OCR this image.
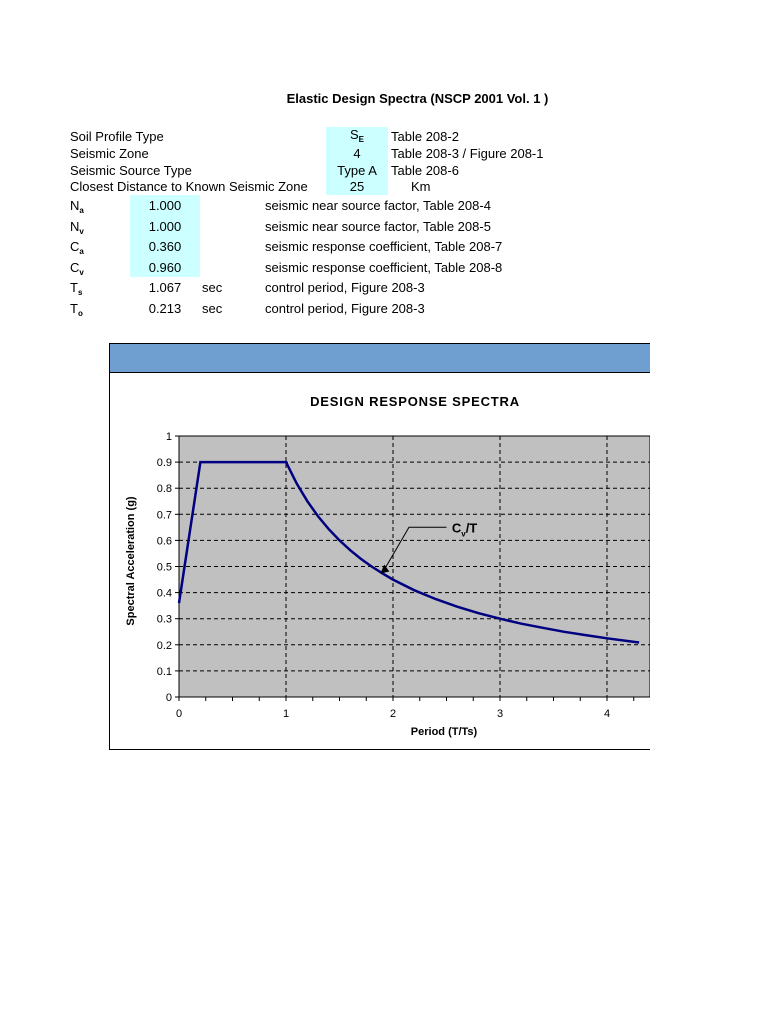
Elastic Design Spectra (NSCP 2001 Vol. 1 )
Soil Profile Type	$S_E$	Table 208-2
Seismic Zone	4	Table 208-3 / Figure 208-1
Seismic Source Type	Type A	Table 208-6
Closest Distance to Known Seismic Zone	25	Km
$N_a$	1.000	seismic near source factor, Table 208-4
$N_v$	1.000	seismic near source factor, Table 208-5
$C_a$	0.360	seismic response coefficient, Table 208-7
$C_v$	0.960	seismic response coefficient, Table 208-8
$T_s$	1.067	sec	control period, Figure 208-3
$T_o$	0.213	sec	control period, Figure 208-3
DESIGN RESPONSE SPECTRA
Spectral Acceleration (g)
Period (T/Ts)
0
0.1
0.2
0.3
0.4
0.5
0.6
0.7
0.8
0.9
1
0	1	2	3	4
$C_v/T$
